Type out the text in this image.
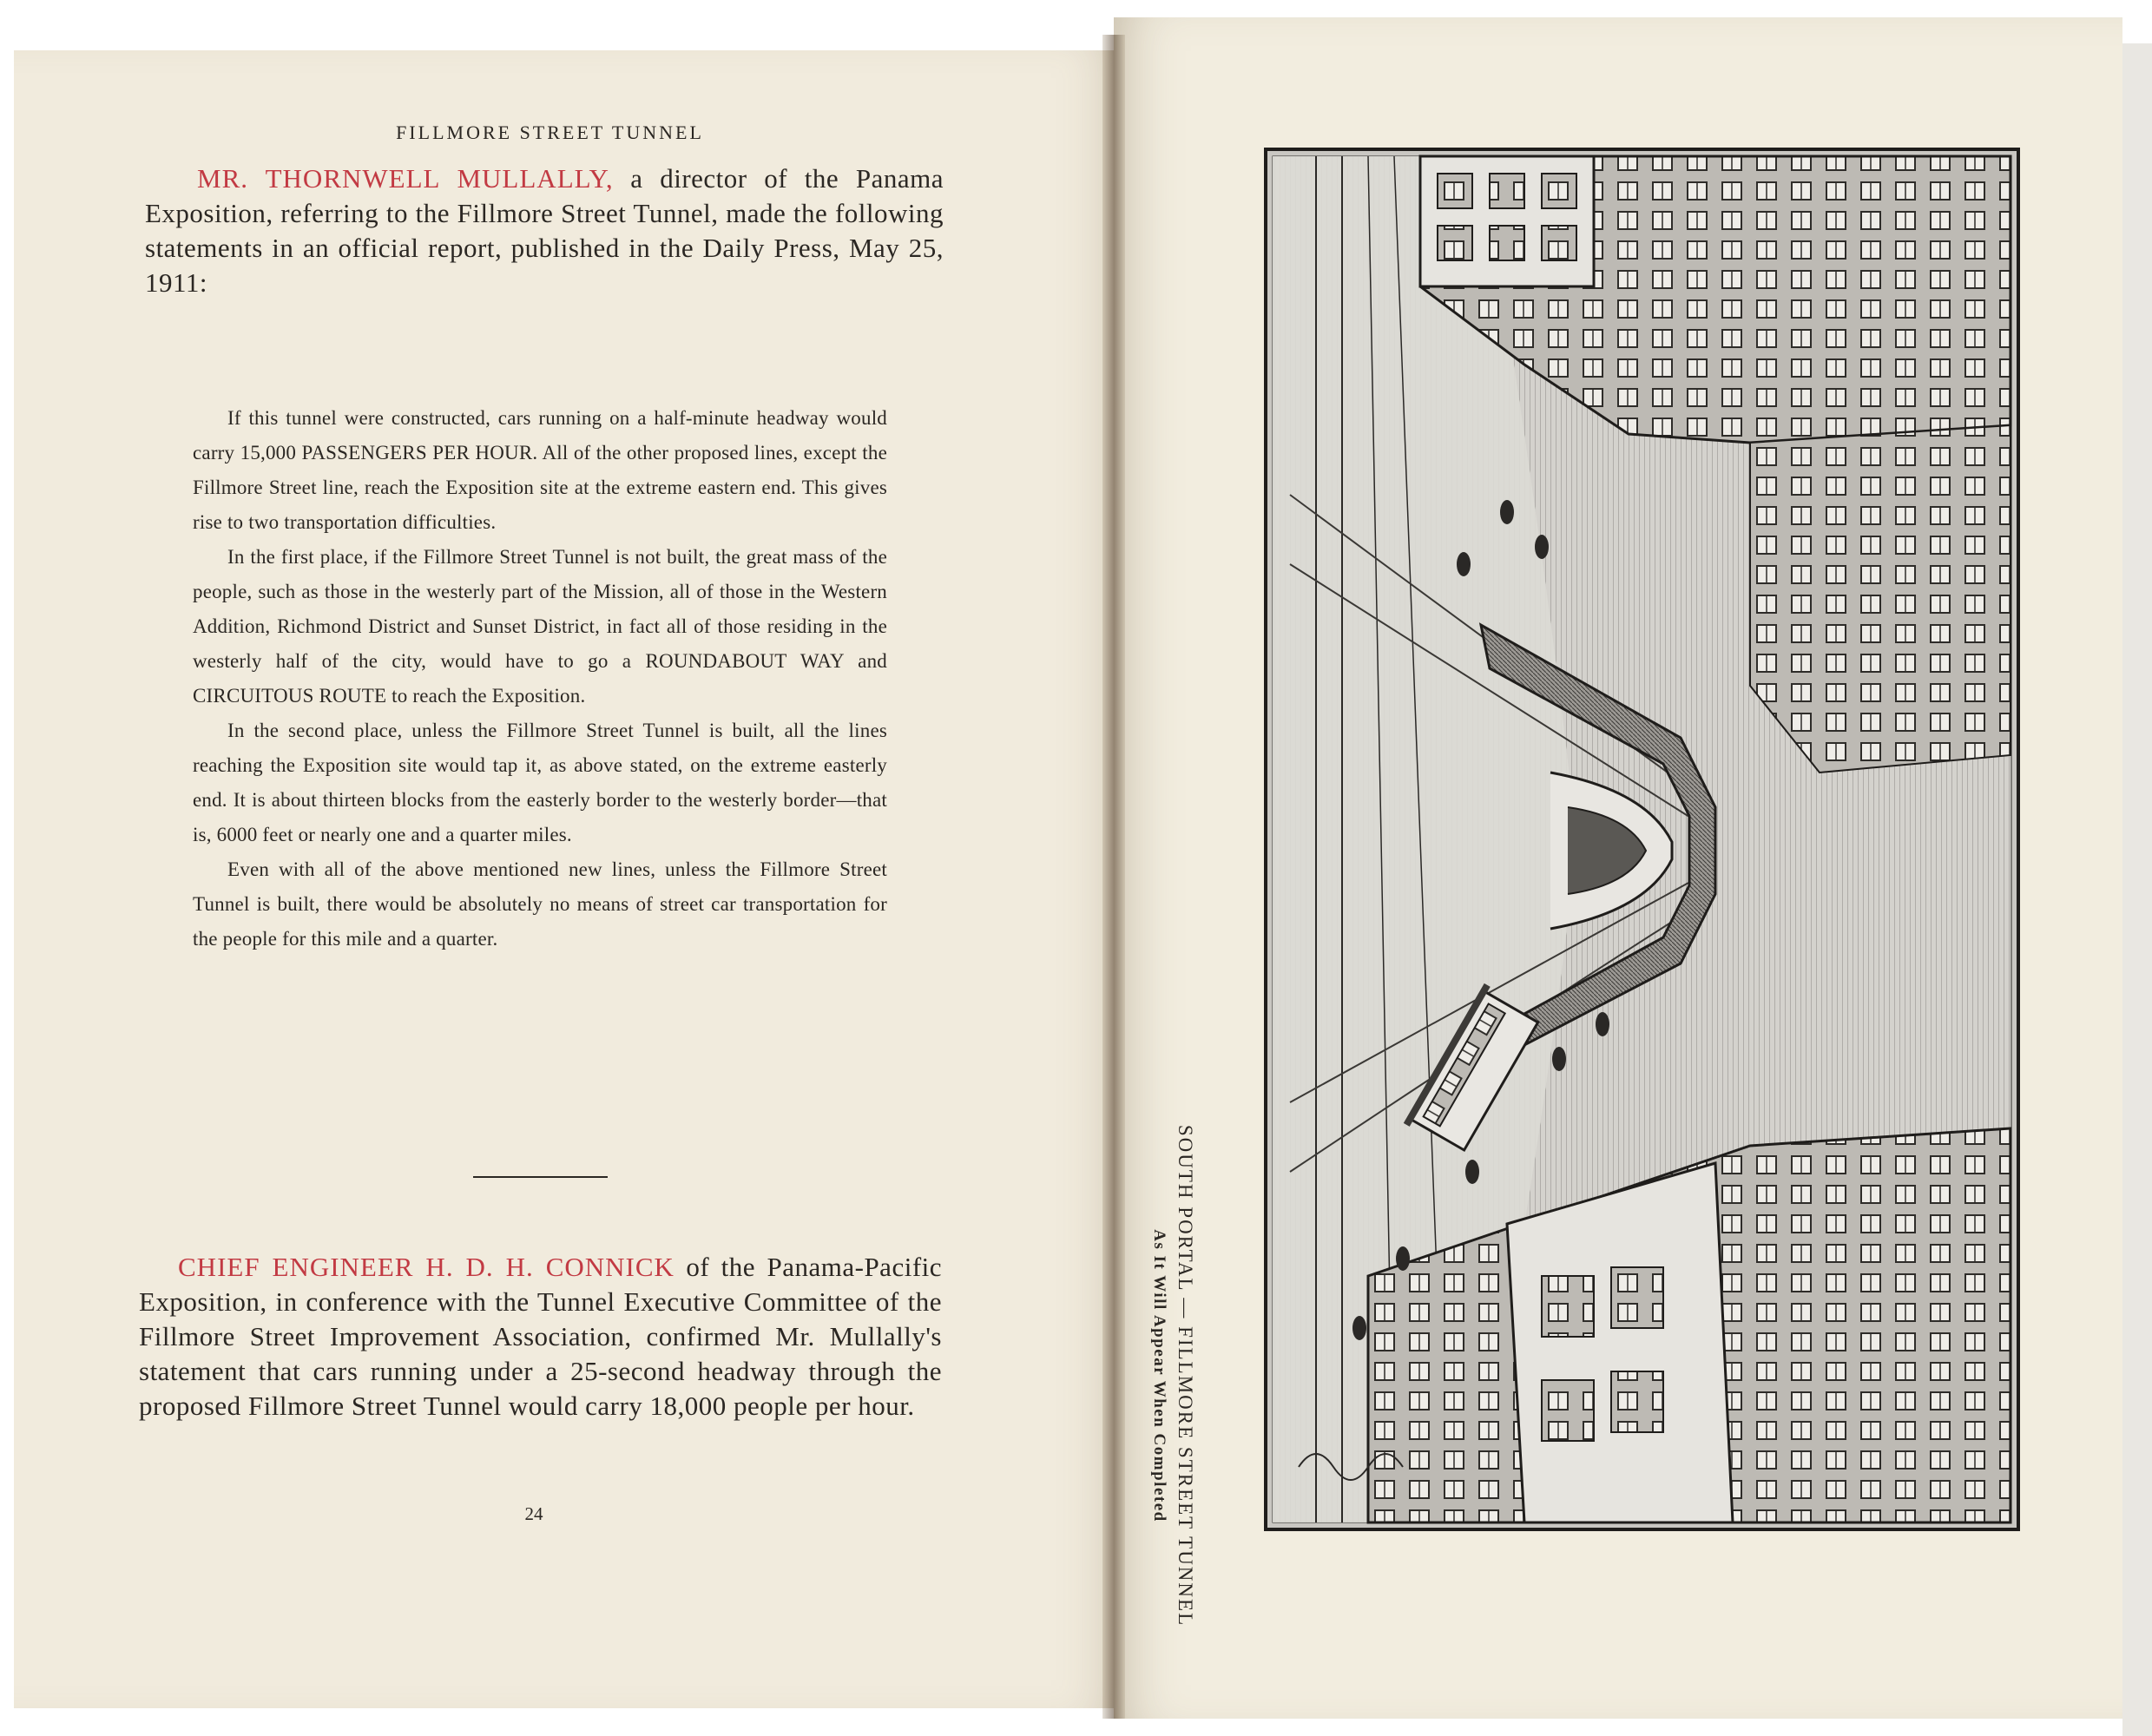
FILLMORE STREET TUNNEL

MR. THORNWELL MULLALLY, a director of the Panama Exposition, referring to the Fillmore Street Tunnel, made the following statements in an official report, published in the Daily Press, May 25, 1911:

If this tunnel were constructed, cars running on a half-minute headway would carry 15,000 PASSENGERS PER HOUR. All of the other proposed lines, except the Fillmore Street line, reach the Exposition site at the extreme eastern end. This gives rise to two transportation difficulties.

In the first place, if the Fillmore Street Tunnel is not built, the great mass of the people, such as those in the westerly part of the Mission, all of those in the Western Addition, Richmond District and Sunset District, in fact all of those residing in the westerly half of the city, would have to go a ROUNDABOUT WAY and CIRCUITOUS ROUTE to reach the Exposition.

In the second place, unless the Fillmore Street Tunnel is built, all the lines reaching the Exposition site would tap it, as above stated, on the extreme easterly end. It is about thirteen blocks from the easterly border to the westerly border—that is, 6000 feet or nearly one and a quarter miles.

Even with all of the above mentioned new lines, unless the Fillmore Street Tunnel is built, there would be absolutely no means of street car transportation for the people for this mile and a quarter.

CHIEF ENGINEER H. D. H. CONNICK of the Panama-Pacific Exposition, in conference with the Tunnel Executive Committee of the Fillmore Street Improvement Association, confirmed Mr. Mullally's statement that cars running under a 25-second headway through the proposed Fillmore Street Tunnel would carry 18,000 people per hour.

24	SOUTH PORTAL — FILLMORE STREET TUNNEL
As It Will Appear When Completed
